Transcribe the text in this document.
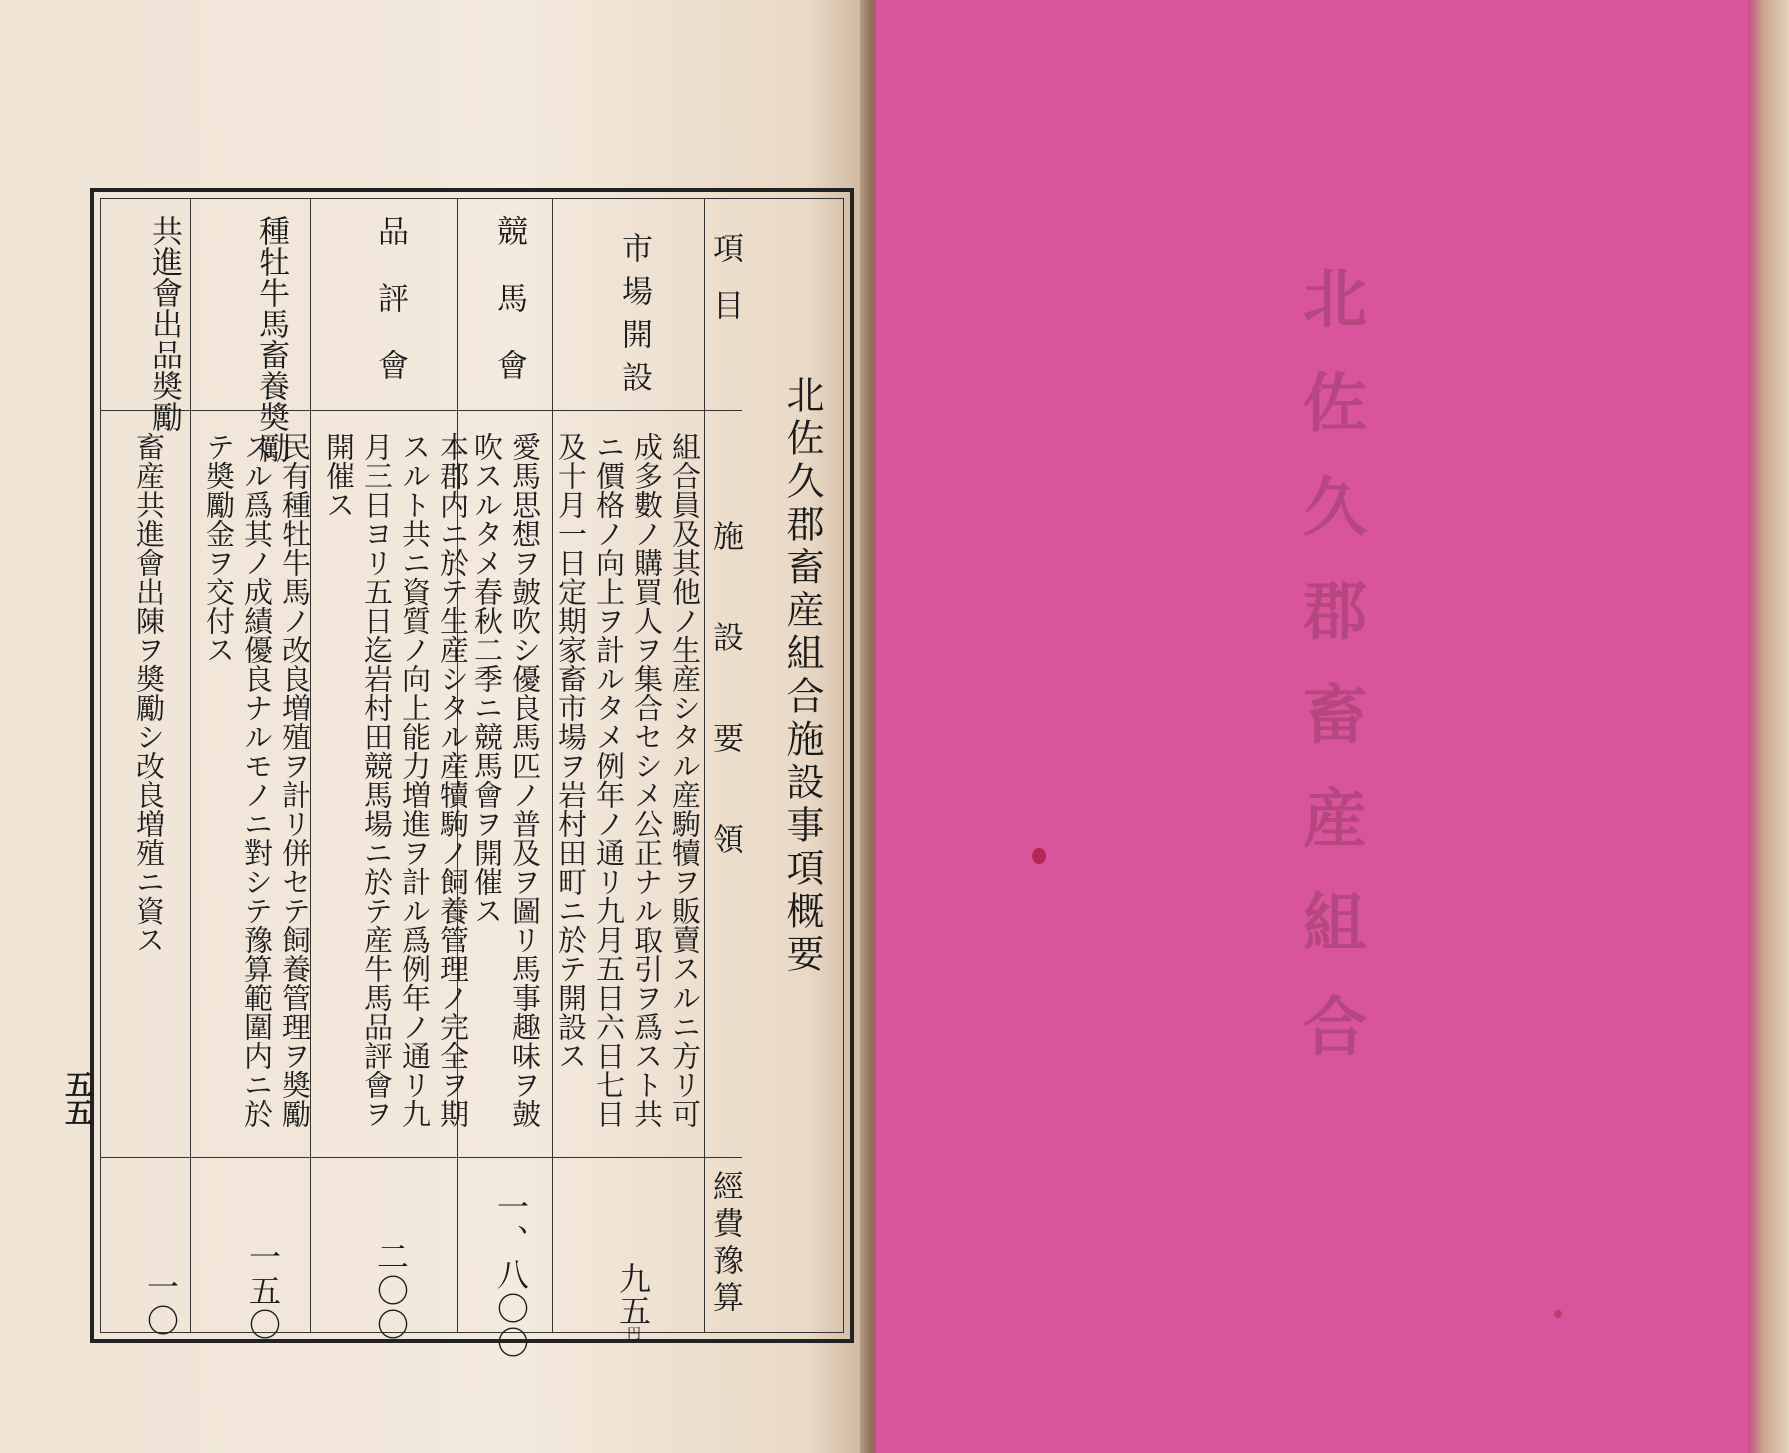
北佐久郡畜産組合施設事項概要
項目
施設要領
經費豫算
市場開設
組合員及其他ノ生産シタル産駒犢ヲ販賣スルニ方リ可
成多數ノ購買人ヲ集合セシメ公正ナル取引ヲ爲スト共
ニ價格ノ向上ヲ計ルタメ例年ノ通リ九月五日六日七日
及十月一日定期家畜市場ヲ岩村田町ニ於テ開設ス
九五円
競馬會
愛馬思想ヲ皷吹シ優良馬匹ノ普及ヲ圖リ馬事趣味ヲ皷
吹スルタメ春秋二季ニ競馬會ヲ開催ス
一、八〇〇
品評會
本郡内ニ於テ生産シタル産犢駒ノ飼養管理ノ完全ヲ期
スルト共ニ資質ノ向上能力増進ヲ計ル爲例年ノ通リ九
月三日ヨリ五日迄岩村田競馬場ニ於テ産牛馬品評會ヲ
開催ス
二〇〇
種牡牛馬畜養奬勵
民有種牡牛馬ノ改良増殖ヲ計リ併セテ飼養管理ヲ奬勵
スル爲其ノ成績優良ナルモノニ對シテ豫算範圍内ニ於
テ奬勵金ヲ交付ス
一五〇
共進會出品奬勵
畜産共進會出陳ヲ奬勵シ改良増殖ニ資ス
一〇
五五
北佐久郡畜産組合
